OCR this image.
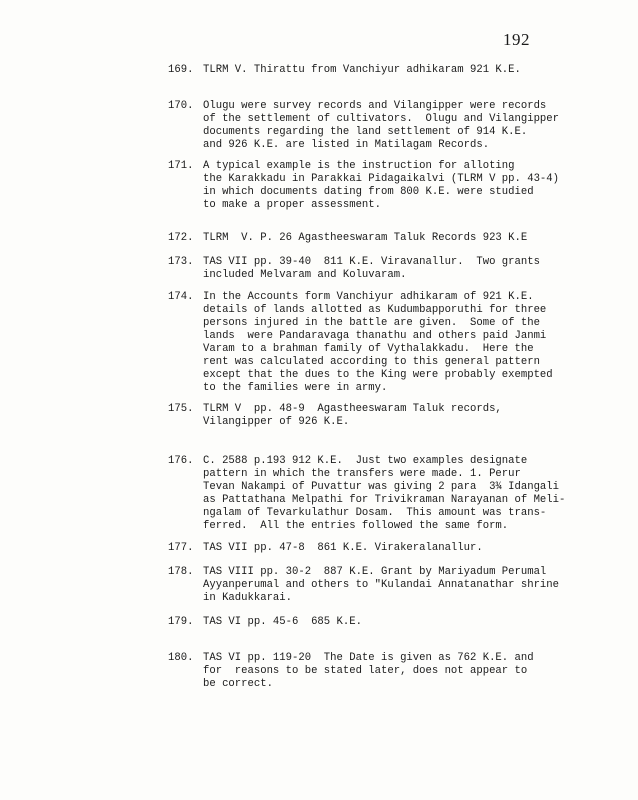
192
169. TLRM V. Thirattu from Vanchiyur adhikaram 921 K.E.
170. Olugu were survey records and Vilangipper were records
of the settlement of cultivators.  Olugu and Vilangipper
documents regarding the land settlement of 914 K.E.
and 926 K.E. are listed in Matilagam Records.
171. A typical example is the instruction for alloting
the Karakkadu in Parakkai Pidagaikalvi (TLRM V pp. 43-4)
in which documents dating from 800 K.E. were studied
to make a proper assessment.
172. TLRM  V. P. 26 Agastheeswaram Taluk Records 923 K.E
173. TAS VII pp. 39-40  811 K.E. Viravanallur.  Two grants
included Melvaram and Koluvaram.
174. In the Accounts form Vanchiyur adhikaram of 921 K.E.
details of lands allotted as Kudumbapporuthi for three
persons injured in the battle are given.  Some of the
lands  were Pandaravaga thanathu and others paid Janmi
Varam to a brahman family of Vythalakkadu.  Here the
rent was calculated according to this general pattern
except that the dues to the King were probably exempted
to the families were in army.
175. TLRM V  pp. 48-9  Agastheeswaram Taluk records,
Vilangipper of 926 K.E.
176. C. 2588 p.193 912 K.E.  Just two examples designate
pattern in which the transfers were made. 1. Perur
Tevan Nakampi of Puvattur was giving 2 para  3¾ Idangali
as Pattathana Melpathi for Trivikraman Narayanan of Meli-
ngalam of Tevarkulathur Dosam.  This amount was trans-
ferred.  All the entries followed the same form.
177. TAS VII pp. 47-8  861 K.E. Virakeralanallur.
178. TAS VIII pp. 30-2  887 K.E. Grant by Mariyadum Perumal
Ayyanperumal and others to "Kulandai Annatanathar shrine
in Kadukkarai.
179. TAS VI pp. 45-6  685 K.E.
180. TAS VI pp. 119-20  The Date is given as 762 K.E. and
for  reasons to be stated later, does not appear to
be correct.
